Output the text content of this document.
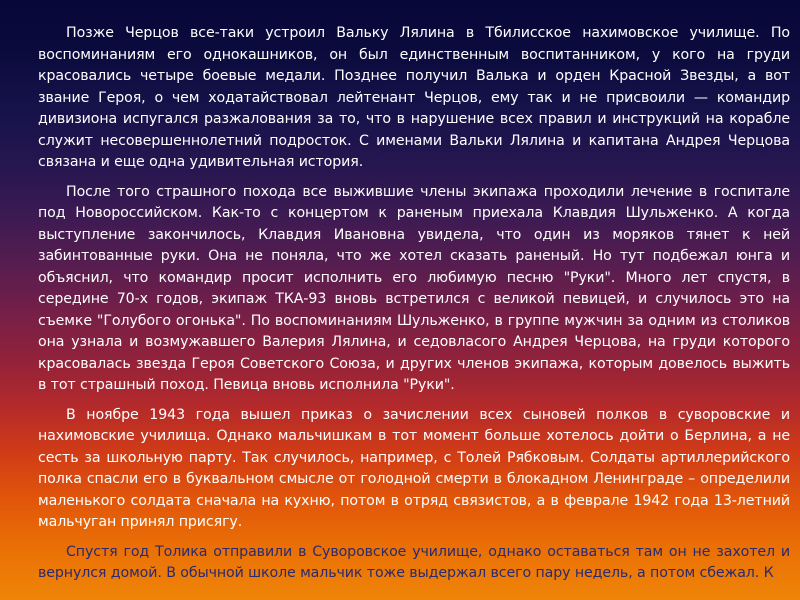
Позже Черцов все-таки устроил Вальку Лялина в Тбилисское нахимовское училище. По воспоминаниям его однокашников, он был единственным воспитанником, у кого на груди красовались четыре боевые медали. Позднее получил Валька и орден Красной Звезды, а вот звание Героя, о чем ходатайствовал лейтенант Черцов, ему так и не присвоили — командир дивизиона испугался разжалования за то, что в нарушение всех правил и инструкций на корабле служит несовершеннолетний подросток. С именами Вальки Лялина и капитана Андрея Черцова связана и еще одна удивительная история.

После того страшного похода все выжившие члены экипажа проходили лечение в госпитале под Новороссийском. Как-то с концертом к раненым приехала Клавдия Шульженко. А когда выступление закончилось, Клавдия Ивановна увидела, что один из моряков тянет к ней забинтованные руки. Она не поняла, что же хотел сказать раненый. Но тут подбежал юнга и объяснил, что командир просит исполнить его любимую песню "Руки". Много лет спустя, в середине 70-х годов, экипаж ТКА-93 вновь встретился с великой певицей, и случилось это на съемке "Голубого огонька". По воспоминаниям Шульженко, в группе мужчин за одним из столиков она узнала и возмужавшего Валерия Лялина, и седовласого Андрея Черцова, на груди которого красовалась звезда Героя Советского Союза, и других членов экипажа, которым довелось выжить в тот страшный поход. Певица вновь исполнила "Руки".

В ноябре 1943 года вышел приказ о зачислении всех сыновей полков в суворовские и нахимовские училища. Однако мальчишкам в тот момент больше хотелось дойти о Берлина, а не сесть за школьную парту. Так случилось, например, с Толей Рябковым. Солдаты артиллерийского полка спасли его в буквальном смысле от голодной смерти в блокадном Ленинграде – определили маленького солдата сначала на кухню, потом в отряд связистов, а в феврале 1942 года 13-летний мальчуган принял присягу.

Спустя год Толика отправили в Суворовское училище, однако оставаться там он не захотел и вернулся домой. В обычной школе мальчик тоже выдержал всего пару недель, а потом сбежал. К
